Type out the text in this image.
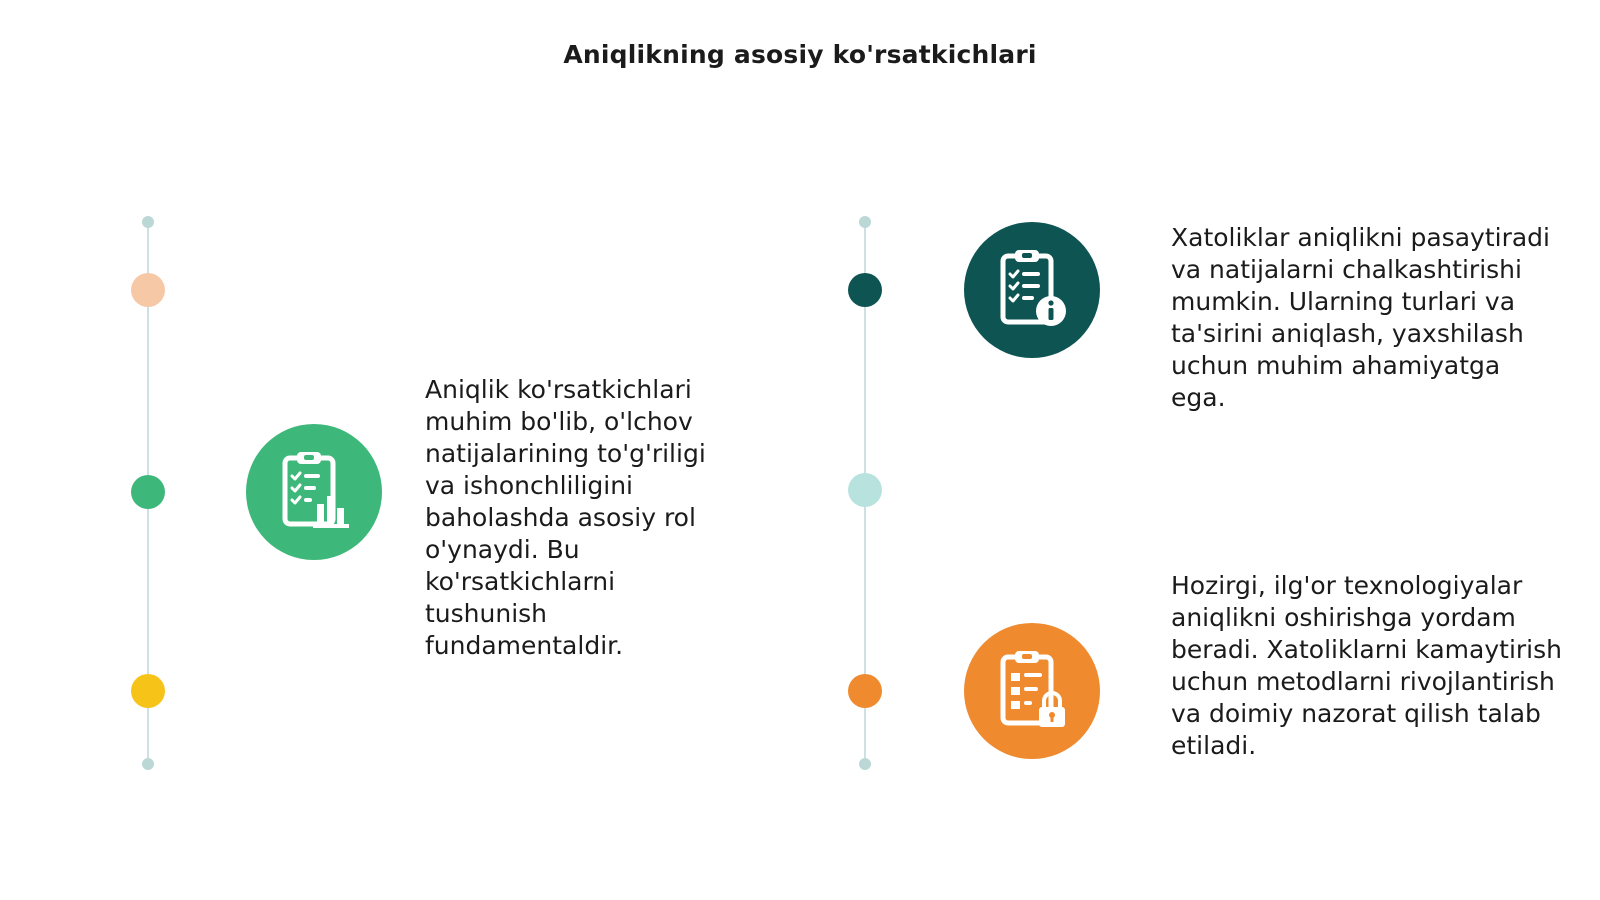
Aniqlikning asosiy ko'rsatkichlari
Aniqlik ko'rsatkichlari muhim bo'lib, o'lchov natijalarining to'g'riligi va ishonchliligini baholashda asosiy rol o'ynaydi. Bu ko'rsatkichlarni tushunish fundamentaldir.
Xatoliklar aniqlikni pasaytiradi va natijalarni chalkashtirishi mumkin. Ularning turlari va ta'sirini aniqlash, yaxshilash uchun muhim ahamiyatga ega.
Hozirgi, ilg'or texnologiyalar aniqlikni oshirishga yordam beradi. Xatoliklarni kamaytirish uchun metodlarni rivojlantirish va doimiy nazorat qilish talab etiladi.
